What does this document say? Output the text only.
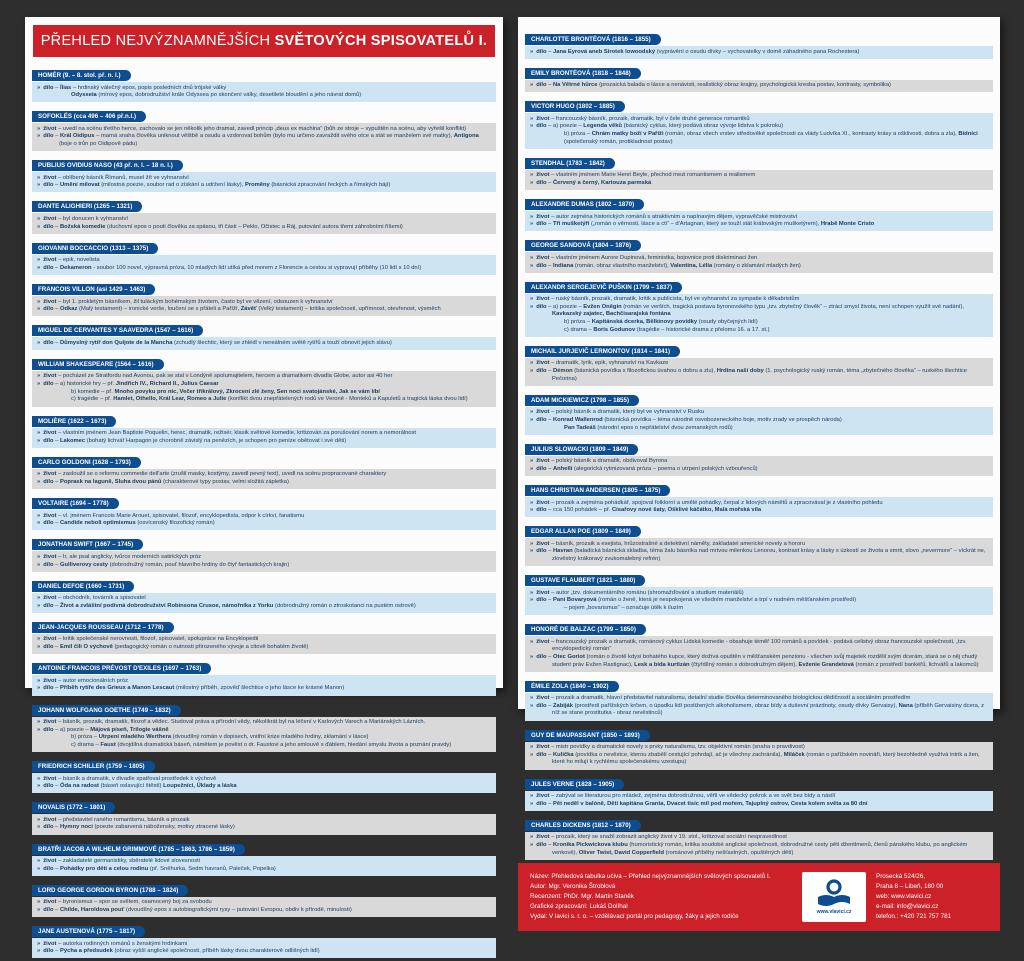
PŘEHLED NEJVÝZNAMNĚJŠÍCH SVĚTOVÝCH SPISOVATELŮ I.
HOMÉR (9. – 8. stol. př. n. l.)
» dílo – Ílias – hrdinský válečný epos, popis posledních dnů trójské války
Odysseia (mírový epos, dobrodružství krále Odyssea po skončení války, desetileté bloudění a jeho návrat domů)
SOFOKLÉS (cca 496 – 406 př.n.l.)
» život – uvedl na scénu třetího herce, zachovalo se jen několik jeho dramat, zavedl princip „deus ex machina“ (bůh ze stroje – vypuštěn na scénu, aby vyřešil konflikt)
» dílo – Král Oidipus – marná snaha člověka uniknout věštbě a osudu a vzdorovat bohům (bylo mu určeno zavraždit svého otce a stát se manželem své matky), Antigona (boje o trůn po Oidipově pádu)
PUBLIUS OVIDIUS NASO (43 př. n. l. – 18 n. l.)
» život – oblíbený básník Římanů, musel žít ve vyhnanství
» dílo – Umění milovat (milostná poezie, soubor rad o získání a udržení lásky), Proměny (básnická zpracování řeckých a římských bájí)
DANTE ALIGHIERI (1265 – 1321)
» život – byl donucen k vyhnanství
» dílo – Božská komedie (duchovní epos o pouti člověka za spásou, tři části – Peklo, Očistec a Ráj, putování autora třemi záhrobními říšemi)
GIOVANNI BOCCACCIO (1313 – 1375)
» život – epik, novelista
» dílo – Dekameron - soubor 100 novel, výpravná próza, 10 mladých lidí utíká před morem z Florencie a cestou si vypravují příběhy (10 lidí x 10 dní)
FRANCOIS VILLON (asi 1429 – 1463)
» život – byl 1. prokletým básníkem, žil tuláckým bohémským životem, často byl ve vězení, odsouzen k vyhnanství
» dílo – Odkaz (Malý testament) – ironické verše, loučení se s přáteli a Paříží, Závěť (Velký testament) – kritika společnosti, upřímnost, otevřenost, výsměch
MIGUEL DE CERVANTES Y SAAVEDRA (1547 – 1616)
» dílo – Důmyslný rytíř don Quijote de la Mancha (zchudlý šlechtic, který se zhlédl v nereálném světě rytířů a touží obnovit jejich slávu)
WILLIAM SHAKESPEARE (1564 – 1616)
» život – pocházel ze Stratfordu nad Avonou, pak se stal v Londýně spolumajitelem, hercem a dramatikem divadla Globe, autor asi 40 her
» dílo – a) historické hry – př. Jindřich IV., Richard II., Julius Caesar
b) komedie – př. Mnoho povyku pro nic, Večer tříkrálový, Zkrocení zlé ženy, Sen noci svatojánské, Jak se vám líbí
c) tragédie – př. Hamlet, Othello, Král Lear, Romeo a Julie (konflikt dvou znepřátelených rodů ve Veroně - Monteků a Kapuletů a tragická láska dvou lidí)
MOLIÈRE (1622 – 1673)
» život – vlastním jménem Jean Baptiste Poquelin, herec, dramatik, režisér, klasik světové komedie, kritizován za porušování norem a nemorálnost
» dílo – Lakomec (bohatý lichvář Harpagon je chorobně závislý na penězích, je schopen pro peníze obětovat i své děti)
CARLO GOLDONI (1628 – 1793)
» život – zasloužil se o reformu commedie dell'arte (zrušil masky, kostýmy, zavedl pevný text), uvedl na scénu propracované charaktery
» dílo – Poprask na laguně, Sluha dvou pánů (charakterové typy postav, velmi složitá zápletka)
VOLTAIRE (1694 – 1778)
» život – vl. jménem Francois Marie Arouet, spisovatel, filozof, encyklopedista, odpor k církvi, fanatismu
» dílo – Candide neboli optimismus (osvícenský filozofický román)
JONATHAN SWIFT (1667 – 1745)
» život – Ir, ale psal anglicky, tvůrce moderních satirických próz
» dílo – Gulliverovy cesty (dobrodružný román, pouť hlavního hrdiny do čtyř fantastických krajin)
DANIEL DEFOE (1660 – 1731)
» život – obchodník, továrník a spisovatel
» dílo – Život a zvláštní podivná dobrodružství Robinsona Crusoe, námořníka z Yorku (dobrodružný román o ztroskotanci na pustém ostrově)
JEAN-JACQUES ROUSSEAU (1712 – 1778)
» život – kritik společenské nerovnosti, filozof, spisovatel, spolupráce na Encyklopedii
» dílo – Emil čili O výchově (pedagogický román o nutnosti přirozeného vývoje a citově bohatém životě)
ANTOINE-FRANCOIS PRÉVOST D'EXILES (1697 – 1763)
» život – autor emocionálních próz
» dílo – Příběh rytíře des Grieux a Manon Lescaut (milostný příběh, zpověď šlechtice o jeho lásce ke krásné Manon)
JOHANN WOLFGANG GOETHE (1749 – 1832)
» život – básník, prozaik, dramatik, filozof a vědec. Studoval práva a přírodní vědy, několikrát byl na léčení v Karlových Varech a Mariánských Lázních.
» dílo – a) poezie – Májová píseň, Trilogie vášně
b) próza – Utrpení mladého Werthera (dvoudílný román v dopisech, vnitřní krize mladého hrdiny, zklamání v lásce)
c) drama – Faust (dvojdílná dramatická báseň, námětem je pověst o dr. Faustovi a jeho smlouvě s ďáblem, hledání smyslu života a poznání pravdy)
FRIEDRICH SCHILLER (1759 – 1805)
» život – básník a dramatik, v divadle spatřoval prostředek k výchově
» dílo – Óda na radost (báseň oslavující štěstí) Loupežníci, Úklady a láska
NOVALIS (1772 – 1801)
» život – představitel raného romantismu, básník a prozaik
» dílo – Hymny noci (poezie zabarvená nábožensky, motivy ztracené lásky)
BRATŘI JACOB A WILHELM GRIMMOVÉ (1785 – 1863, 1786 – 1859)
» život – zakladatelé germanistiky, sběratelé lidové slovesnosti
» dílo – Pohádky pro děti a celou rodinu (př. Sněhurka, Sedm havranů, Paleček, Popelka)
LORD GEORGE GORDON BYRON (1788 – 1824)
» život – byronismus – spor se světem, osamocený boj za svobodu
» dílo – Childe, Haroldova pouť (dvoudílný epos s autobiografickými rysy – putování Evropou, obdiv k přírodě, minulosti)
JANE AUSTENOVÁ (1775 – 1817)
» život – autorka rodinných románů s ženskými hrdinkami
» dílo – Pýcha a předsudek (obraz vyšší anglické společnosti, příběh lásky dvou charakterově odlišných lidí)
CHARLOTTE BRONTËOVÁ (1816 – 1855)
» dílo – Jana Eyrová aneb Sirotek lowoodský (vyprávění o osudu dívky – vychovatelky v domě záhadného pana Rochestera)
EMILY BRONTËOVÁ (1818 – 1848)
» dílo – Na Větrné hůrce (prozaická balada o lásce a nenávisti, realistický obraz krajiny, psychologická kresba postav, kontrasty, symbolika)
VICTOR HUGO (1802 – 1885)
» život – francouzský básník, prozaik, dramatik, byl v čele druhé generace romantiků
» dílo – a) poezie – Legenda věků (básnický cyklus, který podává obraz vývoje lidstva k pokroku)
b) próza – Chrám matky boží v Paříži (román, obraz všech vrstev středověké společnosti za vlády Ludvíka XI., kontrasty krásy a ošklivosti, dobra a zla), Bídníci (společenský román, protikladnost postav)
STENDHAL (1783 – 1842)
» život – vlastním jménem Marie Henri Beyle, přechod mezi romantismem a realismem
» dílo – Červený a černý, Kartouza parmská
ALEXANDRE DUMAS (1802 – 1870)
» život – autor zejména historických románů s atraktivním a napínavým dějem, vypravěčské mistrovství
» dílo – Tři mušketýři („román o věrnosti, lásce a cti“ – d'Artagnan, který se touží stát královským mušketýrem), Hrabě Monte Cristo
GEORGE SANDOVÁ (1804 – 1876)
» život – vlastním jménem Aurore Dupinová, feministka, bojovnice proti diskriminaci žen
» dílo – Indiana (román, obraz vlastního manželství), Valentina, Lélia (romány o zklamání mladých žen)
ALEXANDR SERGEJEVIČ PUŠKIN (1799 – 1837)
» život – ruský básník, prozaik, dramatik, kritik a publicista, byl ve vyhnanství za sympatie k děkabristům
» dílo – a) poezie – Evžen Oněgin (román ve verších, tragická postava byronovského typu „tzv. zbytečný člověk“ – ztrácí smysl života, není schopen využít své nadání), Kavkazský zajatec, Bachčisarajská fontána
b) próza – Kapitánská dcerka, Bělkinovy povídky (osudy obyčejných lidí)
c) drama – Boris Godunov (tragédie – historické drama z přelomu 16. a 17. st.)
MICHAIL JURJEVIČ LERMONTOV (1814 – 1841)
» život – dramatik, lyrik, epik, vyhnanství na Kavkaze
» dílo – Démon (básnická povídka s filozofickou úvahou o dobru a zlu), Hrdina naší doby (1. psychologický ruský román, téma „zbytečného člověka“ – ruského šlechtice Pečorina)
ADAM MICKIEWICZ (1798 – 1855)
» život – polský básník a dramatik, který byl ve vyhnanství v Rusku
» dílo – Konrad Wallenrod (básnická povídka – téma národně osvobozeneckého boje, motiv zrady ve prospěch národa)
Pan Tadeáš (národní epos o nepřátelství dvou zemanských rodů)
JULIUS SLOWACKI (1809 – 1849)
» život – polský básník a dramatik, obdivoval Byrona
» dílo – Anhelli (alegorická rytmizovaná próza – poema o utrpení polských vzbouřenců)
HANS CHRISTIAN ANDERSEN (1805 – 1875)
» život – prozaik a zejména pohádkář, spojoval folklorní a umělé pohádky, čerpal z lidových námětů a zpracovával je z vlastního pohledu
» dílo – cca 150 pohádek – př. Císařovy nové šaty, Ošklivé káčátko, Malá mořská víla
EDGAR ALLAN POE (1809 – 1849)
» život – básník, prozaik a esejista, hrůzostrašné a detektivní náměty, zakladatel americké novely a hororu
» dílo – Havran (baladická básnická skladba, téma žalu básníka nad mrtvou milenkou Lenorou, kontrast krásy a lásky s úzkostí ze života a smrti, slovo „nevermore“ – víckrát ne, zlověstný krákoravý zvukomalebný refrén)
GUSTAVE FLAUBERT (1821 – 1880)
» život – autor „tzv. dokumentárního románu (shromažďování a studium materiálů)
» dílo – Paní Bovaryová (román o ženě, která je nespokojená ve všedním manželství a trpí v nudném měšťanském prostředí)
– pojem „bovarismus“ – označuje útěk k iluzím
HONORÉ DE BALZAC (1799 – 1850)
» život – francouzský prozaik a dramatik, románový cyklus Lidská komedie - obsahuje téměř 100 románů a povídek - podává celistvý obraz francouzské společnosti, „tzv. encyklopedický román“
» dílo – Otec Goriot (román o životě kdysi bohatého kupce, který dožívá opuštěn v měšťanském penzionu - všechen svůj majetek rozdělil svým dcerám, stará se o něj chudý student práv Evžen Rastignac), Lesk a bída kurtizán (čtyřdílný román s dobrodružným dějem), Evženie Grandetová (román z prostředí bankéřů, lichvářů a lakomců)
ÉMILE ZOLA (1840 – 1902)
» život – prozaik a dramatik, hlavní představitel naturalismu, detailní studie člověka determinovaného biologickou dědičností a sociálním prostředím
» dílo – Zabiják (prostředí pařížských krčem, o úpadku lidí postižených alkoholismem, obraz bídy a duševní prázdnoty, osudy dívky Gervaisy), Nana (příběh Gervaisiny dcera, z níž se stane prostitutka - obraz nevěstinců)
GUY DE MAUPASSANT (1850 – 1893)
» život – mistr povídky a dramatické novely s prvky naturalismu, tzv. objektivní román (snaha o pravdivost)
» dílo – Kulička (povídka o nevěstce, kterou zbabělí cestující pohrdají, ač je všechny zachránila), Miláček (román o pařížském novináři, který bezohledně využívá intrik a žen, které ho milují k rychlému společenskému vzestupu)
JULES VERNE (1828 – 1905)
» život – zabýval se literaturou pro mládež, zejména dobrodružnou, věřil ve vědecký pokrok a ve svět bez bídy a násilí
» dílo – Pět neděl v balóně, Děti kapitána Granta, Dvacet tisíc mil pod mořem, Tajuplný ostrov, Cesta kolem světa za 80 dní
CHARLES DICKENS (1812 – 1870)
» život – prozaik, který se snažil zobrazit anglický život v 19. stol., kritizoval sociální nespravedlnost
» dílo – Kronika Pickwickova klubu (humoristický román, kritika soudobé anglické společnosti, dobrodružné cesty pěti džentlmenů, členů pánského klubu, po anglickém venkově), Oliver Twist, David Copperfield (románové příběhy nešťastných, opuštěných dětí)
Název: Přehledová tabulka učiva – Přehled nejvýznamnějších světových spisovatelů I.
Autor: Mgr. Veronika Štroblová
Recenzent: PhDr. Mgr. Martin Staněk
Grafické zpracování: Lukáš Dolíhal
Vydal: V lavici s. r. o. – vzdělávací portál pro pedagogy, žáky a jejich rodiče
www.vlavici.cz
Prosecká 524/26,
Praha 8 – Libeň, 180 00
web: www.vlavici.cz
e-mail: info@vlavici.cz
telefon.: +420 721 757 781
